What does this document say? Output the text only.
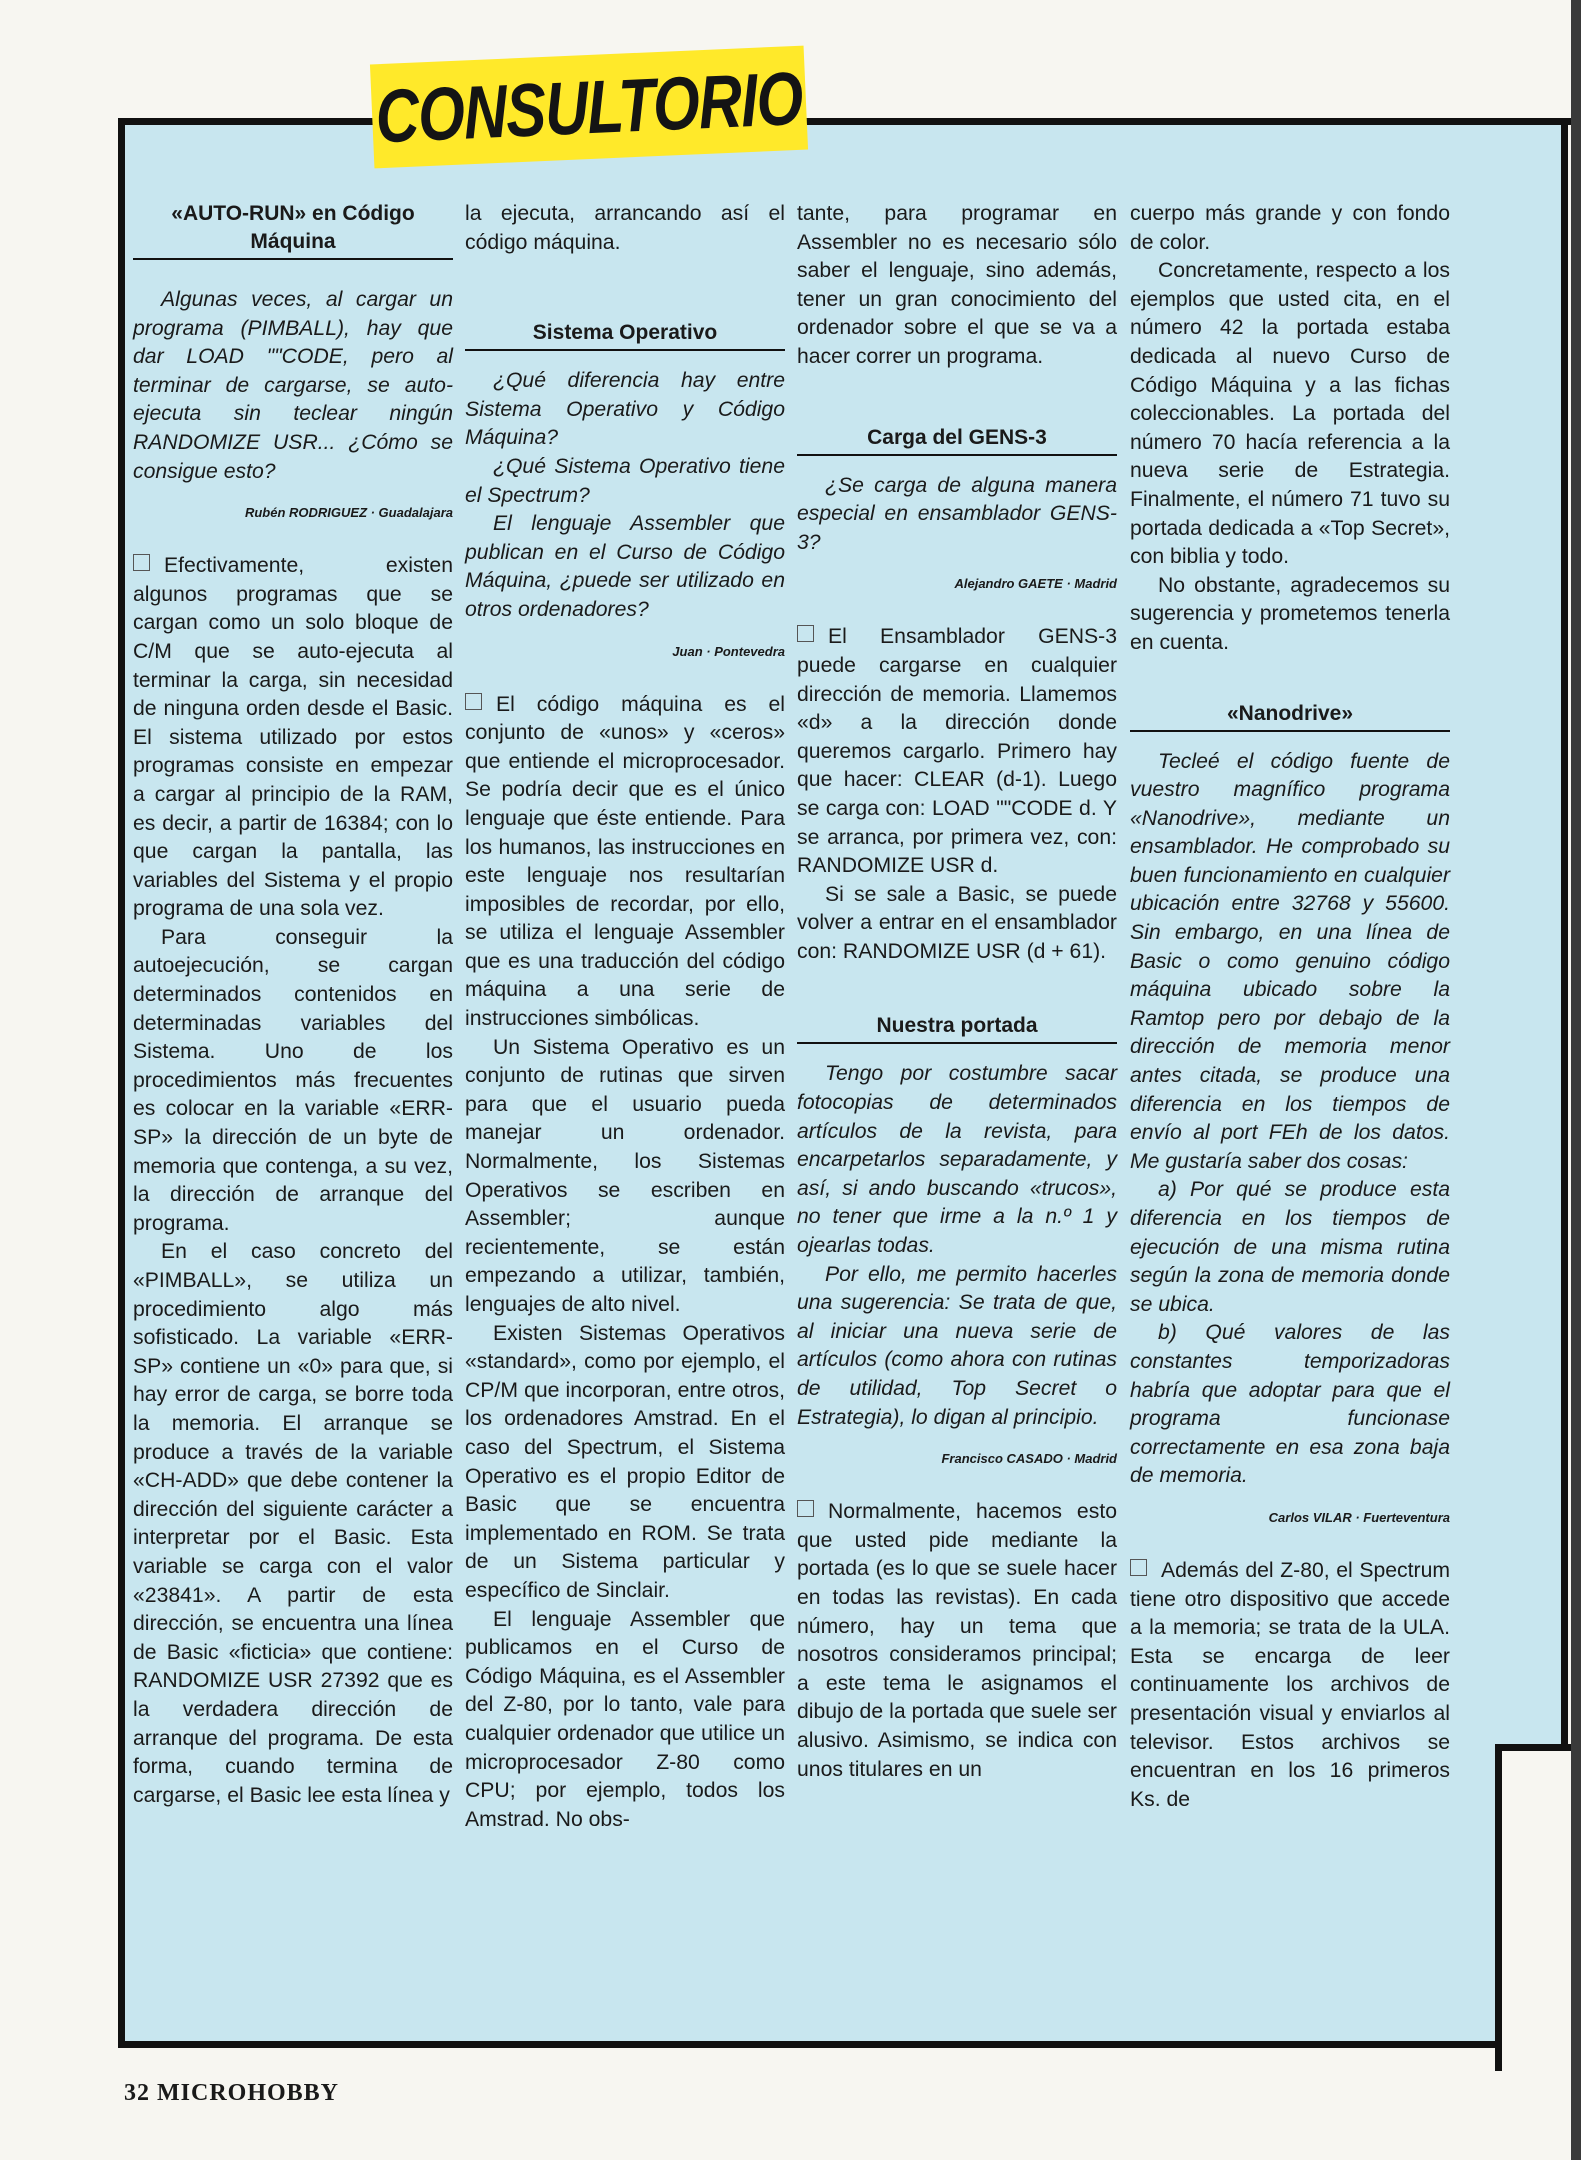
CONSULTORIO
«AUTO-RUN» en Código Máquina

Algunas veces, al cargar un programa (PIMBALL), hay que dar LOAD ""CODE, pero al terminar de cargarse, se auto-ejecuta sin teclear ningún RANDOMIZE USR... ¿Cómo se consigue esto?

Rubén RODRIGUEZ · Guadalajara

Efectivamente, existen algunos programas que se cargan como un solo bloque de C/M que se auto-ejecuta al terminar la carga, sin necesidad de ninguna orden desde el Basic. El sistema utilizado por estos programas consiste en empezar a cargar al principio de la RAM, es decir, a partir de 16384; con lo que cargan la pantalla, las variables del Sistema y el propio programa de una sola vez.

Para conseguir la autoejecución, se cargan determinados contenidos en determinadas variables del Sistema. Uno de los procedimientos más frecuentes es colocar en la variable «ERR-SP» la dirección de un byte de memoria que contenga, a su vez, la dirección de arranque del programa.

En el caso concreto del «PIMBALL», se utiliza un procedimiento algo más sofisticado. La variable «ERR-SP» contiene un «0» para que, si hay error de carga, se borre toda la memoria. El arranque se produce a través de la variable «CH-ADD» que debe contener la dirección del siguiente carácter a interpretar por el Basic. Esta variable se carga con el valor «23841». A partir de esta dirección, se encuentra una línea de Basic «ficticia» que contiene: RANDOMIZE USR 27392 que es la verdadera dirección de arranque del programa. De esta forma, cuando termina de cargarse, el Basic lee esta línea y

la ejecuta, arrancando así el código máquina.

Sistema Operativo

¿Qué diferencia hay entre Sistema Operativo y Código Máquina?

¿Qué Sistema Operativo tiene el Spectrum?

El lenguaje Assembler que publican en el Curso de Código Máquina, ¿puede ser utilizado en otros ordenadores?

Juan · Pontevedra

El código máquina es el conjunto de «unos» y «ceros» que entiende el microprocesador. Se podría decir que es el único lenguaje que éste entiende. Para los humanos, las instrucciones en este lenguaje nos resultarían imposibles de recordar, por ello, se utiliza el lenguaje Assembler que es una traducción del código máquina a una serie de instrucciones simbólicas.

Un Sistema Operativo es un conjunto de rutinas que sirven para que el usuario pueda manejar un ordenador. Normalmente, los Sistemas Operativos se escriben en Assembler; aunque recientemente, se están empezando a utilizar, también, lenguajes de alto nivel.

Existen Sistemas Operativos «standard», como por ejemplo, el CP/M que incorporan, entre otros, los ordenadores Amstrad. En el caso del Spectrum, el Sistema Operativo es el propio Editor de Basic que se encuentra implementado en ROM. Se trata de un Sistema particular y específico de Sinclair.

El lenguaje Assembler que publicamos en el Curso de Código Máquina, es el Assembler del Z-80, por lo tanto, vale para cualquier ordenador que utilice un microprocesador Z-80 como CPU; por ejemplo, todos los Amstrad. No obs-

tante, para programar en Assembler no es necesario sólo saber el lenguaje, sino además, tener un gran conocimiento del ordenador sobre el que se va a hacer correr un programa.

Carga del GENS-3

¿Se carga de alguna manera especial en ensamblador GENS-3?

Alejandro GAETE · Madrid

El Ensamblador GENS-3 puede cargarse en cualquier dirección de memoria. Llamemos «d» a la dirección donde queremos cargarlo. Primero hay que hacer: CLEAR (d-1). Luego se carga con: LOAD ""CODE d. Y se arranca, por primera vez, con: RANDOMIZE USR d.

Si se sale a Basic, se puede volver a entrar en el ensamblador con: RANDOMIZE USR (d + 61).

Nuestra portada

Tengo por costumbre sacar fotocopias de determinados artículos de la revista, para encarpetarlos separadamente, y así, si ando buscando «trucos», no tener que irme a la n.º 1 y ojearlas todas.

Por ello, me permito hacerles una sugerencia: Se trata de que, al iniciar una nueva serie de artículos (como ahora con rutinas de utilidad, Top Secret o Estrategia), lo digan al principio.

Francisco CASADO · Madrid

Normalmente, hacemos esto que usted pide mediante la portada (es lo que se suele hacer en todas las revistas). En cada número, hay un tema que nosotros consideramos principal; a este tema le asignamos el dibujo de la portada que suele ser alusivo. Asimismo, se indica con unos titulares en un

cuerpo más grande y con fondo de color.

Concretamente, respecto a los ejemplos que usted cita, en el número 42 la portada estaba dedicada al nuevo Curso de Código Máquina y a las fichas coleccionables. La portada del número 70 hacía referencia a la nueva serie de Estrategia. Finalmente, el número 71 tuvo su portada dedicada a «Top Secret», con biblia y todo.

No obstante, agradecemos su sugerencia y prometemos tenerla en cuenta.

«Nanodrive»

Tecleé el código fuente de vuestro magnífico programa «Nanodrive», mediante un ensamblador. He comprobado su buen funcionamiento en cualquier ubicación entre 32768 y 55600. Sin embargo, en una línea de Basic o como genuino código máquina ubicado sobre la Ramtop pero por debajo de la dirección de memoria menor antes citada, se produce una diferencia en los tiempos de envío al port FEh de los datos. Me gustaría saber dos cosas:

a) Por qué se produce esta diferencia en los tiempos de ejecución de una misma rutina según la zona de memoria donde se ubica.

b) Qué valores de las constantes temporizadoras habría que adoptar para que el programa funcionase correctamente en esa zona baja de memoria.

Carlos VILAR · Fuerteventura

Además del Z-80, el Spectrum tiene otro dispositivo que accede a la memoria; se trata de la ULA. Esta se encarga de leer continuamente los archivos de presentación visual y enviarlos al televisor. Estos archivos se encuentran en los 16 primeros Ks. de

32 MICROHOBBY
